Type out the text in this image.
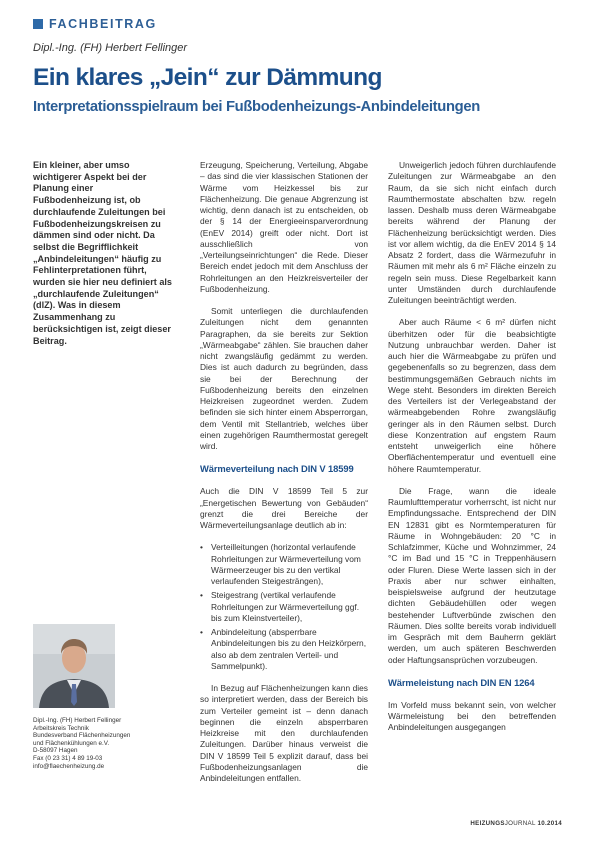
FACHBEITRAG
Dipl.-Ing. (FH) Herbert Fellinger
Ein klares „Jein“ zur Dämmung
Interpretationsspielraum bei Fußbodenheizungs-Anbindeleitungen

Ein kleiner, aber umso wichtigerer Aspekt bei der Planung einer Fußbodenheizung ist, ob durchlaufende Zuleitungen bei Fußbodenheizungskreisen zu dämmen sind oder nicht. Da selbst die Begrifflichkeit „Anbindeleitungen“ häufig zu Fehlinterpretationen führt, wurden sie hier neu definiert als „durchlaufende Zuleitungen“ (dlZ). Was in diesem Zusammenhang zu berücksichtigen ist, zeigt dieser Beitrag.

Dipl.-Ing. (FH) Herbert Fellinger
Arbeitskreis Technik
Bundesverband Flächenheizungen
und Flächenkühlungen e.V.
D-58097 Hagen
Fax (0 23 31) 4 89 19-03
info@flaechenheizung.de

Erzeugung, Speicherung, Verteilung, Abgabe – das sind die vier klassischen Stationen der Wärme vom Heizkessel bis zur Flächenheizung. Die genaue Abgrenzung ist wichtig, denn danach ist zu entscheiden, ob der § 14 der Energieeinsparverordnung (EnEV 2014) greift oder nicht. Dort ist ausschließlich von „Verteilungseinrichtungen“ die Rede. Dieser Bereich endet jedoch mit dem Anschluss der Rohrleitungen an den Heizkreisverteiler der Fußbodenheizung.

Somit unterliegen die durchlaufenden Zuleitungen nicht dem genannten Paragraphen, da sie bereits zur Sektion „Wärmeabgabe“ zählen. Sie brauchen daher nicht zwangsläufig gedämmt zu werden. Dies ist auch dadurch zu begründen, dass sie bei der Berechnung der Fußbodenheizung bereits den einzelnen Heizkreisen zugeordnet werden. Zudem befinden sie sich hinter einem Absperrorgan, dem Ventil mit Stellantrieb, welches über einen zugehörigen Raumthermostat geregelt wird.

Wärmeverteilung nach DIN V 18599

Auch die DIN V 18599 Teil 5 zur „Energetischen Bewertung von Gebäuden“ grenzt die drei Bereiche der Wärmeverteilungsanlage deutlich ab in:

• Verteilleitungen (horizontal verlaufende Rohrleitungen zur Wärmeverteilung vom Wärmeerzeuger bis zu den vertikal verlaufenden Steigesträngen),
• Steigestrang (vertikal verlaufende Rohrleitungen zur Wärmeverteilung ggf. bis zum Kleinstverteiler),
• Anbindeleitung (absperrbare Anbindeleitungen bis zu den Heizkörpern, also ab dem zentralen Verteil- und Sammelpunkt).

In Bezug auf Flächenheizungen kann dies so interpretiert werden, dass der Bereich bis zum Verteiler gemeint ist – denn danach beginnen die einzeln absperrbaren Heizkreise mit den durchlaufenden Zuleitungen. Darüber hinaus verweist die DIN V 18599 Teil 5 explizit darauf, dass bei Fußbodenheizungsanlagen die Anbindeleitungen entfallen.

Unweigerlich jedoch führen durchlaufende Zuleitungen zur Wärmeabgabe an den Raum, da sie sich nicht einfach durch Raumthermostate abschalten bzw. regeln lassen. Deshalb muss deren Wärmeabgabe bereits während der Planung der Flächenheizung berücksichtigt werden. Dies ist vor allem wichtig, da die EnEV 2014 § 14 Absatz 2 fordert, dass die Wärmezufuhr in Räumen mit mehr als 6 m² Fläche einzeln zu regeln sein muss. Diese Regelbarkeit kann unter Umständen durch durchlaufende Zuleitungen beeinträchtigt werden.

Aber auch Räume < 6 m² dürfen nicht überhitzen oder für die beabsichtigte Nutzung unbrauchbar werden. Daher ist auch hier die Wärmeabgabe zu prüfen und gegebenenfalls so zu begrenzen, dass dem bestimmungsgemäßen Gebrauch nichts im Wege steht. Besonders im direkten Bereich des Verteilers ist der Verlegeabstand der wärmeabgebenden Rohre zwangsläufig geringer als in den Räumen selbst. Durch diese Konzentration auf engstem Raum entsteht unweigerlich eine höhere Oberflächentemperatur und eventuell eine höhere Raumtemperatur.

Die Frage, wann die ideale Raumlufttemperatur vorherrscht, ist nicht nur Empfindungssache. Entsprechend der DIN EN 12831 gibt es Normtemperaturen für Räume in Wohngebäuden: 20 °C in Schlafzimmer, Küche und Wohnzimmer, 24 °C im Bad und 15 °C in Treppenhäusern oder Fluren. Diese Werte lassen sich in der Praxis aber nur schwer einhalten, beispielsweise aufgrund der heutzutage dichten Gebäudehüllen oder wegen bestehender Luftverbünde zwischen den Räumen. Dies sollte bereits vorab individuell im Gespräch mit dem Bauherrn geklärt werden, um auch späteren Beschwerden oder Haftungsansprüchen vorzubeugen.

Wärmeleistung nach DIN EN 1264

Im Vorfeld muss bekannt sein, von welcher Wärmeleistung bei den betreffenden Anbindeleitungen ausgegangen

HEIZUNGSJOURNAL 10.2014
